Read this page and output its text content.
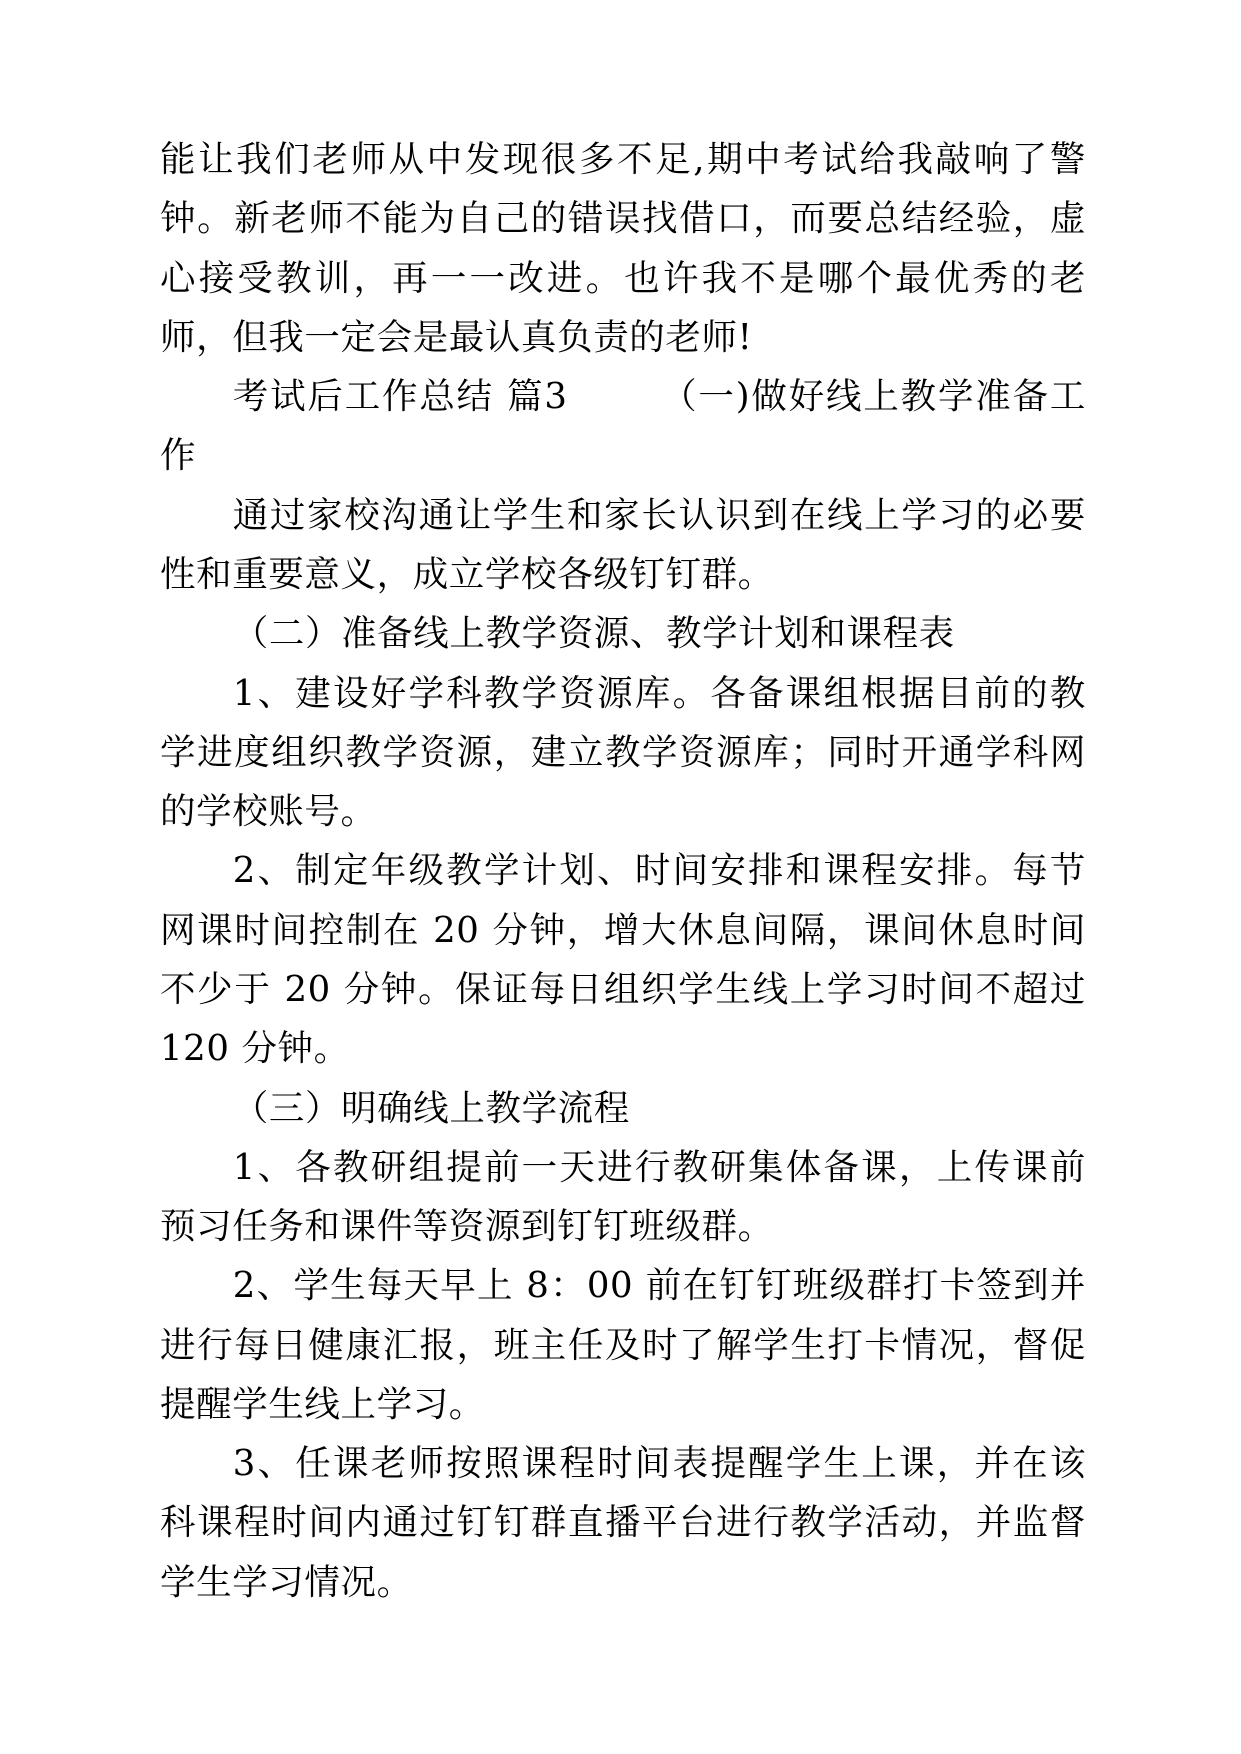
能让我们老师从中发现很多不足,期中考试给我敲响了警钟。新老师不能为自己的错误找借口，而要总结经验，虚心接受教训，再一一改进。也许我不是哪个最优秀的老师，但我一定会是最认真负责的老师!

考试后工作总结 篇3	（一)做好线上教学准备工作

通过家校沟通让学生和家长认识到在线上学习的必要性和重要意义，成立学校各级钉钉群。

（二）准备线上教学资源、教学计划和课程表

1、建设好学科教学资源库。各备课组根据目前的教学进度组织教学资源，建立教学资源库；同时开通学科网的学校账号。

2、制定年级教学计划、时间安排和课程安排。每节网课时间控制在 20 分钟，增大休息间隔，课间休息时间不少于 20 分钟。保证每日组织学生线上学习时间不超过 120 分钟。

（三）明确线上教学流程

1、各教研组提前一天进行教研集体备课，上传课前预习任务和课件等资源到钉钉班级群。

2、学生每天早上 8：00 前在钉钉班级群打卡签到并进行每日健康汇报，班主任及时了解学生打卡情况，督促提醒学生线上学习。

3、任课老师按照课程时间表提醒学生上课，并在该科课程时间内通过钉钉群直播平台进行教学活动，并监督学生学习情况。
